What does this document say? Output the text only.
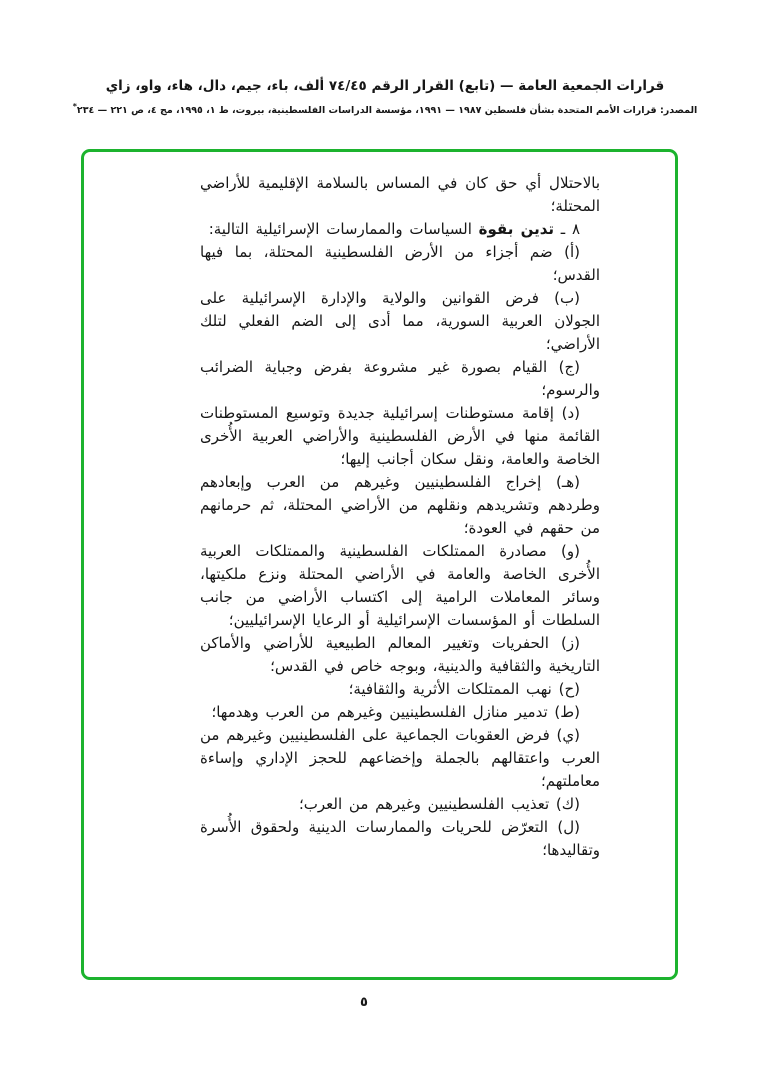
قرارات الجمعية العامة — (تابع) القرار الرقم ٧٤/٤٥ ألف، باء، جيم، دال، هاء، واو، زاي
المصدر: قرارات الأمم المتحدة بشأن فلسطين ١٩٨٧ — ١٩٩١، مؤسسة الدراسات الفلسطينية، بيروت، ط ١، ١٩٩٥، مج ٤، ص ٢٢١ — ٢٣٤*

بالاحتلال أي حق كان في المساس بالسلامة الإقليمية للأراضي المحتلة؛

٨ ـ تدين بقوة السياسات والممارسات الإسرائيلية التالية:

(أ) ضم أجزاء من الأرض الفلسطينية المحتلة، بما فيها القدس؛

(ب) فرض القوانين والولاية والإدارة الإسرائيلية على الجولان العربية السورية، مما أدى إلى الضم الفعلي لتلك الأراضي؛

(ج) القيام بصورة غير مشروعة بفرض وجباية الضرائب والرسوم؛

(د) إقامة مستوطنات إسرائيلية جديدة وتوسيع المستوطنات القائمة منها في الأرض الفلسطينية والأراضي العربية الأُخرى الخاصة والعامة، ونقل سكان أجانب إليها؛

(هـ) إخراج الفلسطينيين وغيرهم من العرب وإبعادهم وطردهم وتشريدهم ونقلهم من الأراضي المحتلة، ثم حرمانهم من حقهم في العودة؛

(و) مصادرة الممتلكات الفلسطينية والممتلكات العربية الأُخرى الخاصة والعامة في الأراضي المحتلة ونزع ملكيتها، وسائر المعاملات الرامية إلى اكتساب الأراضي من جانب السلطات أو المؤسسات الإسرائيلية أو الرعايا الإسرائيليين؛

(ز) الحفريات وتغيير المعالم الطبيعية للأراضي والأماكن التاريخية والثقافية والدينية، وبوجه خاص في القدس؛

(ح) نهب الممتلكات الأثرية والثقافية؛

(ط) تدمير منازل الفلسطينيين وغيرهم من العرب وهدمها؛

(ي) فرض العقوبات الجماعية على الفلسطينيين وغيرهم من العرب واعتقالهم بالجملة وإخضاعهم للحجز الإداري وإساءة معاملتهم؛

(ك) تعذيب الفلسطينيين وغيرهم من العرب؛

(ل) التعرّض للحريات والممارسات الدينية ولحقوق الأُسرة وتقاليدها؛

٥
